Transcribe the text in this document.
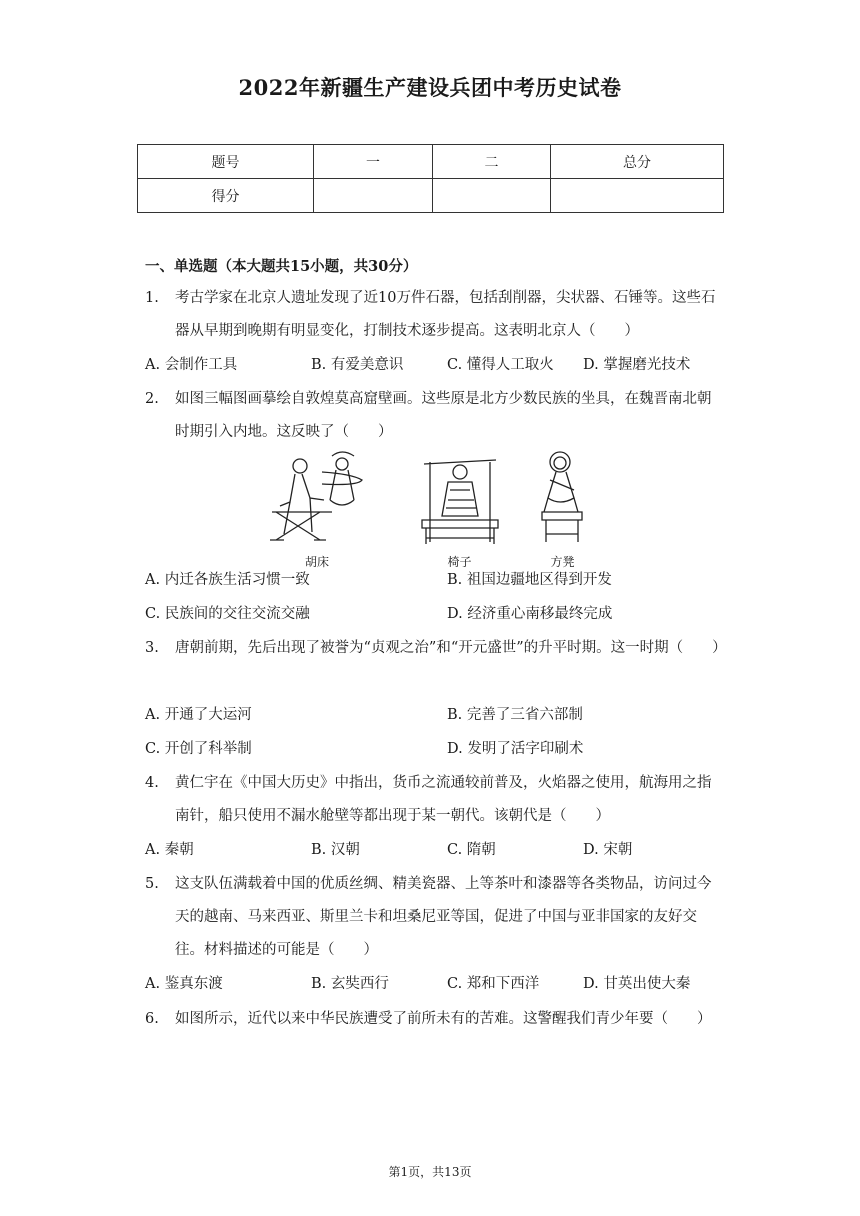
2022年新疆生产建设兵团中考历史试卷
题号	一	二	总分
得分			
一、单选题（本大题共15小题，共30分）
1. 考古学家在北京人遗址发现了近10万件石器，包括刮削器，尖状器、石锤等。这些石器从早期到晚期有明显变化，打制技术逐步提高。这表明北京人（　　）
A. 会制作工具	B. 有爱美意识	C. 懂得人工取火 D. 掌握磨光技术
2. 如图三幅图画摹绘自敦煌莫高窟壁画。这些原是北方少数民族的坐具，在魏晋南北朝时期引入内地。这反映了（　　）
胡床	椅子	方凳
A. 内迁各族生活习惯一致	B. 祖国边疆地区得到开发
C. 民族间的交往交流交融	D. 经济重心南移最终完成
3. 唐朝前期，先后出现了被誉为“贞观之治”和“开元盛世”的升平时期。这一时期（　　）
A. 开通了大运河	B. 完善了三省六部制
C. 开创了科举制	D. 发明了活字印刷术
4. 黄仁宇在《中国大历史》中指出，货币之流通较前普及，火焰器之使用，航海用之指南针，船只使用不漏水舱壁等都出现于某一朝代。该朝代是（　　）
A. 秦朝	B. 汉朝	C. 隋朝	D. 宋朝
5. 这支队伍满载着中国的优质丝绸、精美瓷器、上等茶叶和漆器等各类物品，访问过今天的越南、马来西亚、斯里兰卡和坦桑尼亚等国，促进了中国与亚非国家的友好交往。材料描述的可能是（　　）
A. 鉴真东渡	B. 玄奘西行	C. 郑和下西洋	D. 甘英出使大秦
6. 如图所示，近代以来中华民族遭受了前所未有的苦难。这警醒我们青少年要（　　）
第1页，共13页
